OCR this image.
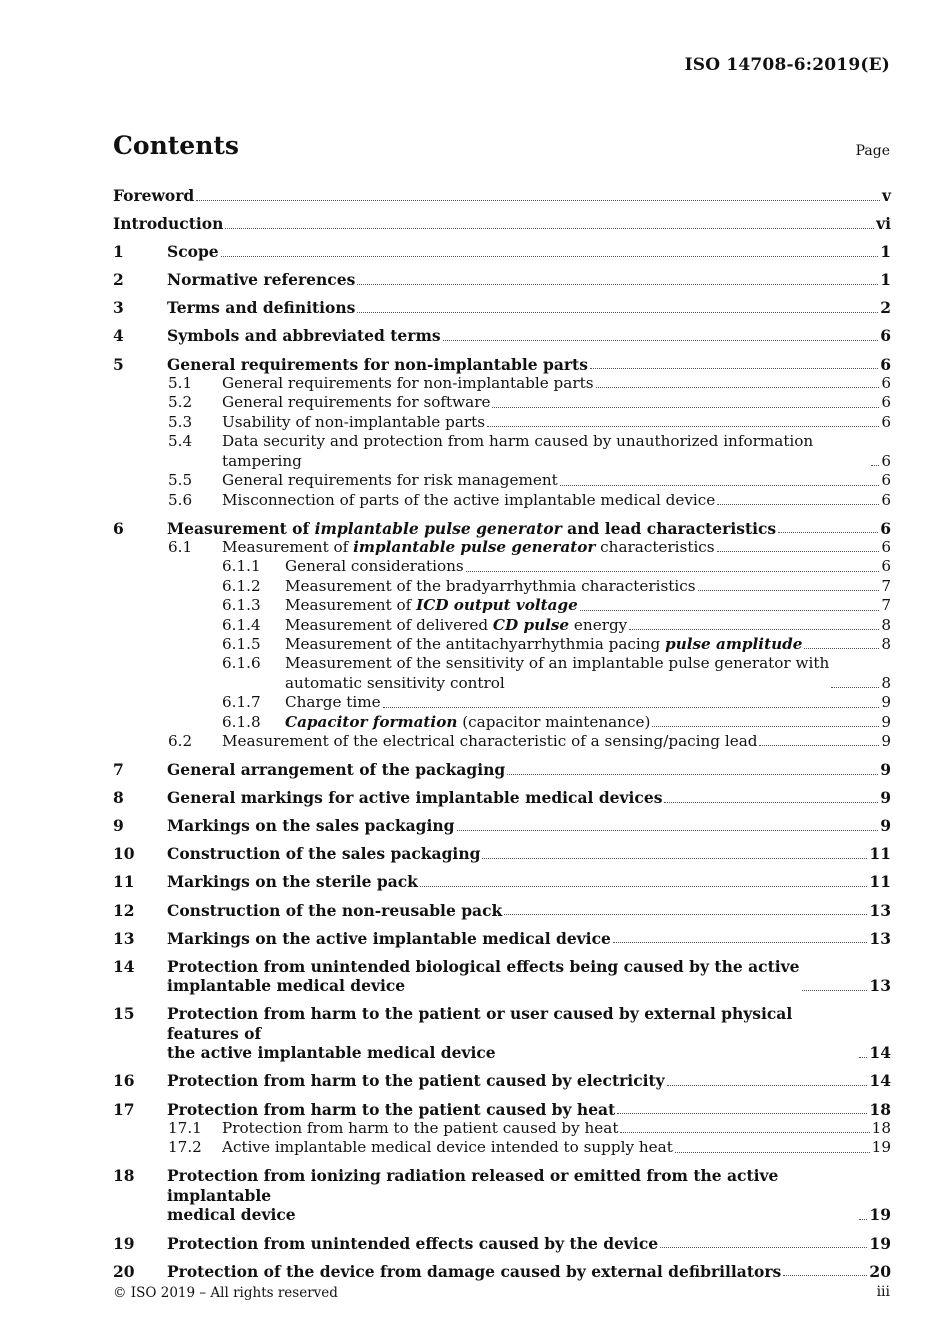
ISO 14708-6:2019(E)
Contents	Page
Foreword	v
Introduction	vi
1	Scope	1
2	Normative references	1
3	Terms and definitions	2
4	Symbols and abbreviated terms	6
5	General requirements for non-implantable parts	6
5.1	General requirements for non-implantable parts	6
5.2	General requirements for software	6
5.3	Usability of non-implantable parts	6
5.4	Data security and protection from harm caused by unauthorized information tampering	6
5.5	General requirements for risk management	6
5.6	Misconnection of parts of the active implantable medical device	6
6	Measurement of implantable pulse generator and lead characteristics	6
6.1	Measurement of implantable pulse generator characteristics	6
6.1.1	General considerations	6
6.1.2	Measurement of the bradyarrhythmia characteristics	7
6.1.3	Measurement of ICD output voltage	7
6.1.4	Measurement of delivered CD pulse energy	8
6.1.5	Measurement of the antitachyarrhythmia pacing pulse amplitude	8
6.1.6	Measurement of the sensitivity of an implantable pulse generator with
automatic sensitivity control	8
6.1.7	Charge time	9
6.1.8	Capacitor formation (capacitor maintenance)	9
6.2	Measurement of the electrical characteristic of a sensing/pacing lead	9
7	General arrangement of the packaging	9
8	General markings for active implantable medical devices	9
9	Markings on the sales packaging	9
10	Construction of the sales packaging	11
11	Markings on the sterile pack	11
12	Construction of the non-reusable pack	13
13	Markings on the active implantable medical device	13
14	Protection from unintended biological effects being caused by the active
implantable medical device	13
15	Protection from harm to the patient or user caused by external physical features of
the active implantable medical device	14
16	Protection from harm to the patient caused by electricity	14
17	Protection from harm to the patient caused by heat	18
17.1	Protection from harm to the patient caused by heat	18
17.2	Active implantable medical device intended to supply heat	19
18	Protection from ionizing radiation released or emitted from the active implantable
medical device	19
19	Protection from unintended effects caused by the device	19
20	Protection of the device from damage caused by external defibrillators	20
© ISO 2019 – All rights reserved	iii
